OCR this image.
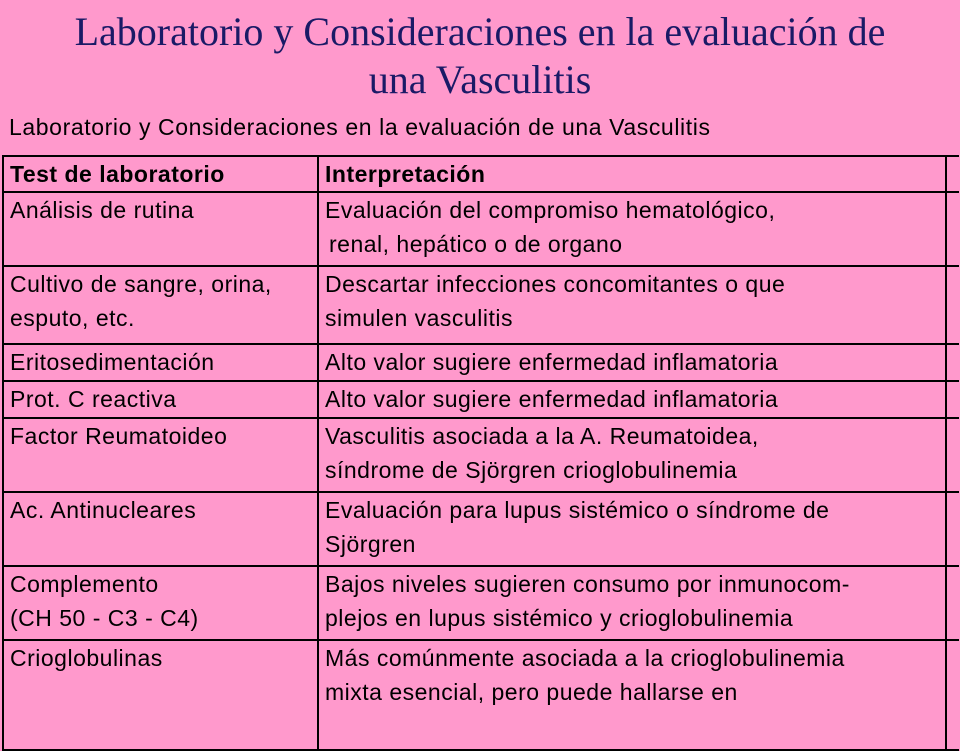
Laboratorio y Consideraciones en la evaluación de
una Vasculitis
Laboratorio y Consideraciones en la evaluación de una Vasculitis
Test de laboratorio	Interpretación	

Análisis de rutina	Evaluación del compromiso hematológico,
renal, hepático o de organo	

Cultivo de sangre, orina,
esputo, etc.	Descartar infecciones concomitantes o que
simulen vasculitis	

Eritosedimentación	Alto valor sugiere enfermedad inflamatoria	

Prot. C reactiva	Alto valor sugiere enfermedad inflamatoria	

Factor Reumatoideo	Vasculitis asociada a la A. Reumatoidea,
síndrome de Sjörgren crioglobulinemia	

Ac. Antinucleares	Evaluación para lupus sistémico o síndrome de
Sjörgren	

Complemento
(CH 50 - C3 - C4)	Bajos niveles sugieren consumo por inmunocom-
plejos en lupus sistémico y crioglobulinemia	

Crioglobulinas	Más comúnmente asociada a la crioglobulinemia
mixta esencial, pero puede hallarse en	
